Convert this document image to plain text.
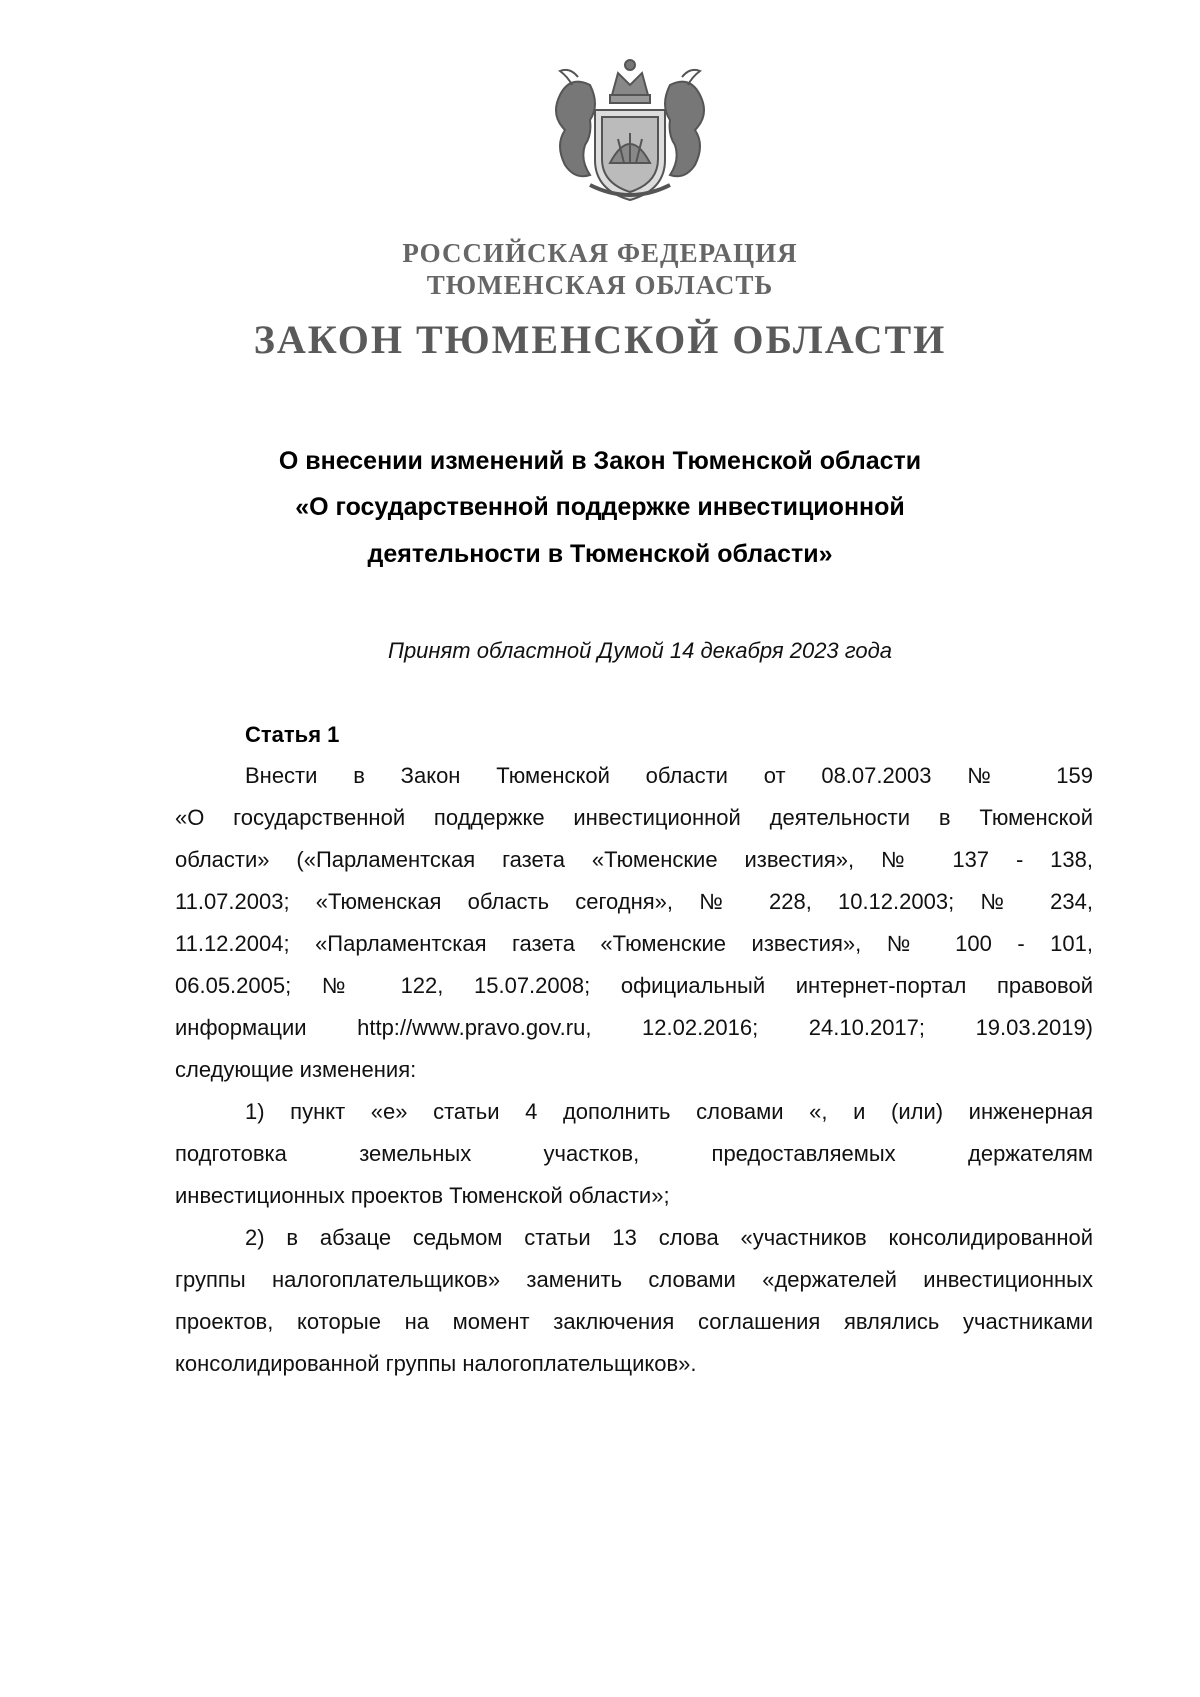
РОССИЙСКАЯ ФЕДЕРАЦИЯ
ТЮМЕНСКАЯ ОБЛАСТЬ
ЗАКОН ТЮМЕНСКОЙ ОБЛАСТИ
О внесении изменений в Закон Тюменской области
«О государственной поддержке инвестиционной
деятельности в Тюменской области»
Принят областной Думой 14 декабря 2023 года
Статья 1
Внести в Закон Тюменской области от 08.07.2003 № 159
«О государственной поддержке инвестиционной деятельности в Тюменской
области» («Парламентская газета «Тюменские известия», № 137 - 138,
11.07.2003; «Тюменская область сегодня», № 228, 10.12.2003; № 234,
11.12.2004; «Парламентская газета «Тюменские известия», № 100 - 101,
06.05.2005; № 122, 15.07.2008; официальный интернет-портал правовой
информации http://www.pravo.gov.ru, 12.02.2016; 24.10.2017; 19.03.2019)
следующие изменения:
1) пункт «е» статьи 4 дополнить словами «, и (или) инженерная
подготовка земельных участков, предоставляемых держателям
инвестиционных проектов Тюменской области»;
2) в абзаце седьмом статьи 13 слова «участников консолидированной
группы налогоплательщиков» заменить словами «держателей инвестиционных
проектов, которые на момент заключения соглашения являлись участниками
консолидированной группы налогоплательщиков».
